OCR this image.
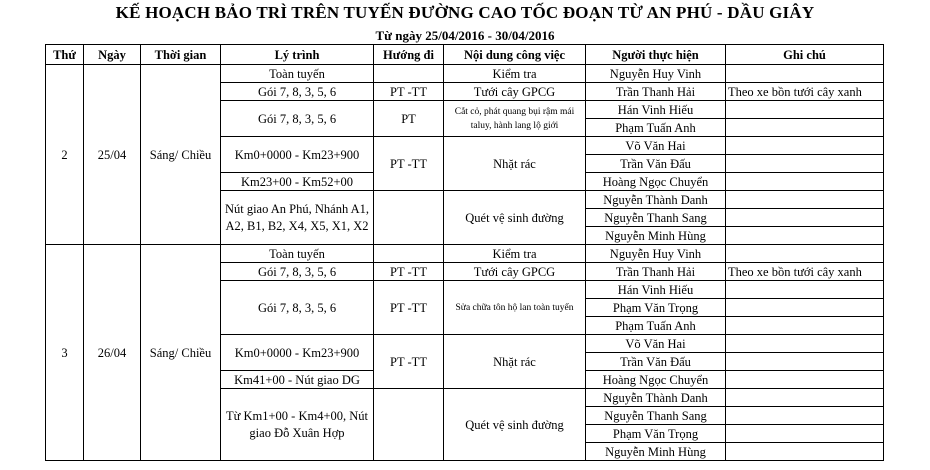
KẾ HOẠCH BẢO TRÌ TRÊN TUYẾN ĐƯỜNG CAO TỐC ĐOẠN TỪ AN PHÚ - DẦU GIÂY
Từ ngày 25/04/2016 - 30/04/2016
Thứ	Ngày	Thời gian	Lý trình	Hướng đi	Nội dung công việc	Người thực hiện	Ghi chú
2	25/04	Sáng/ Chiều	Toàn tuyến		Kiểm tra	Nguyễn Huy Vinh	
			Gói 7, 8, 3, 5, 6	PT -TT	Tưới cây GPCG	Trần Thanh Hải	Theo xe bồn tưới cây xanh
			Gói 7, 8, 3, 5, 6	PT	Cắt cỏ, phát quang bụi rậm mái taluy, hành lang lộ giới	Hán Vinh Hiếu	
						Phạm Tuấn Anh	
			Km0+0000 - Km23+900	PT -TT	Nhặt rác	Võ Văn Hai	
						Trần Văn Đấu	
			Km23+00 - Km52+00			Hoàng Ngọc Chuyển	
			Nút giao An Phú, Nhánh A1, A2, B1, B2, X4, X5, X1, X2		Quét vệ sinh đường	Nguyễn Thành Danh	
						Nguyễn Thanh Sang	
						Nguyễn Minh Hùng	
3	26/04	Sáng/ Chiều	Toàn tuyến		Kiểm tra	Nguyễn Huy Vinh	
			Gói 7, 8, 3, 5, 6	PT -TT	Tưới cây GPCG	Trần Thanh Hải	Theo xe bồn tưới cây xanh
			Gói 7, 8, 3, 5, 6	PT -TT	Sửa chữa tôn hộ lan toàn tuyến	Hán Vinh Hiếu	
						Phạm Văn Trọng	
						Phạm Tuấn Anh	
			Km0+0000 - Km23+900	PT -TT	Nhặt rác	Võ Văn Hai	
						Trần Văn Đấu	
			Km41+00 - Nút giao DG			Hoàng Ngọc Chuyển	
			Từ Km1+00 - Km4+00, Nút giao Đỗ Xuân Hợp		Quét vệ sinh đường	Nguyễn Thành Danh	
						Nguyễn Thanh Sang	
						Phạm Văn Trọng	
						Nguyễn Minh Hùng	
